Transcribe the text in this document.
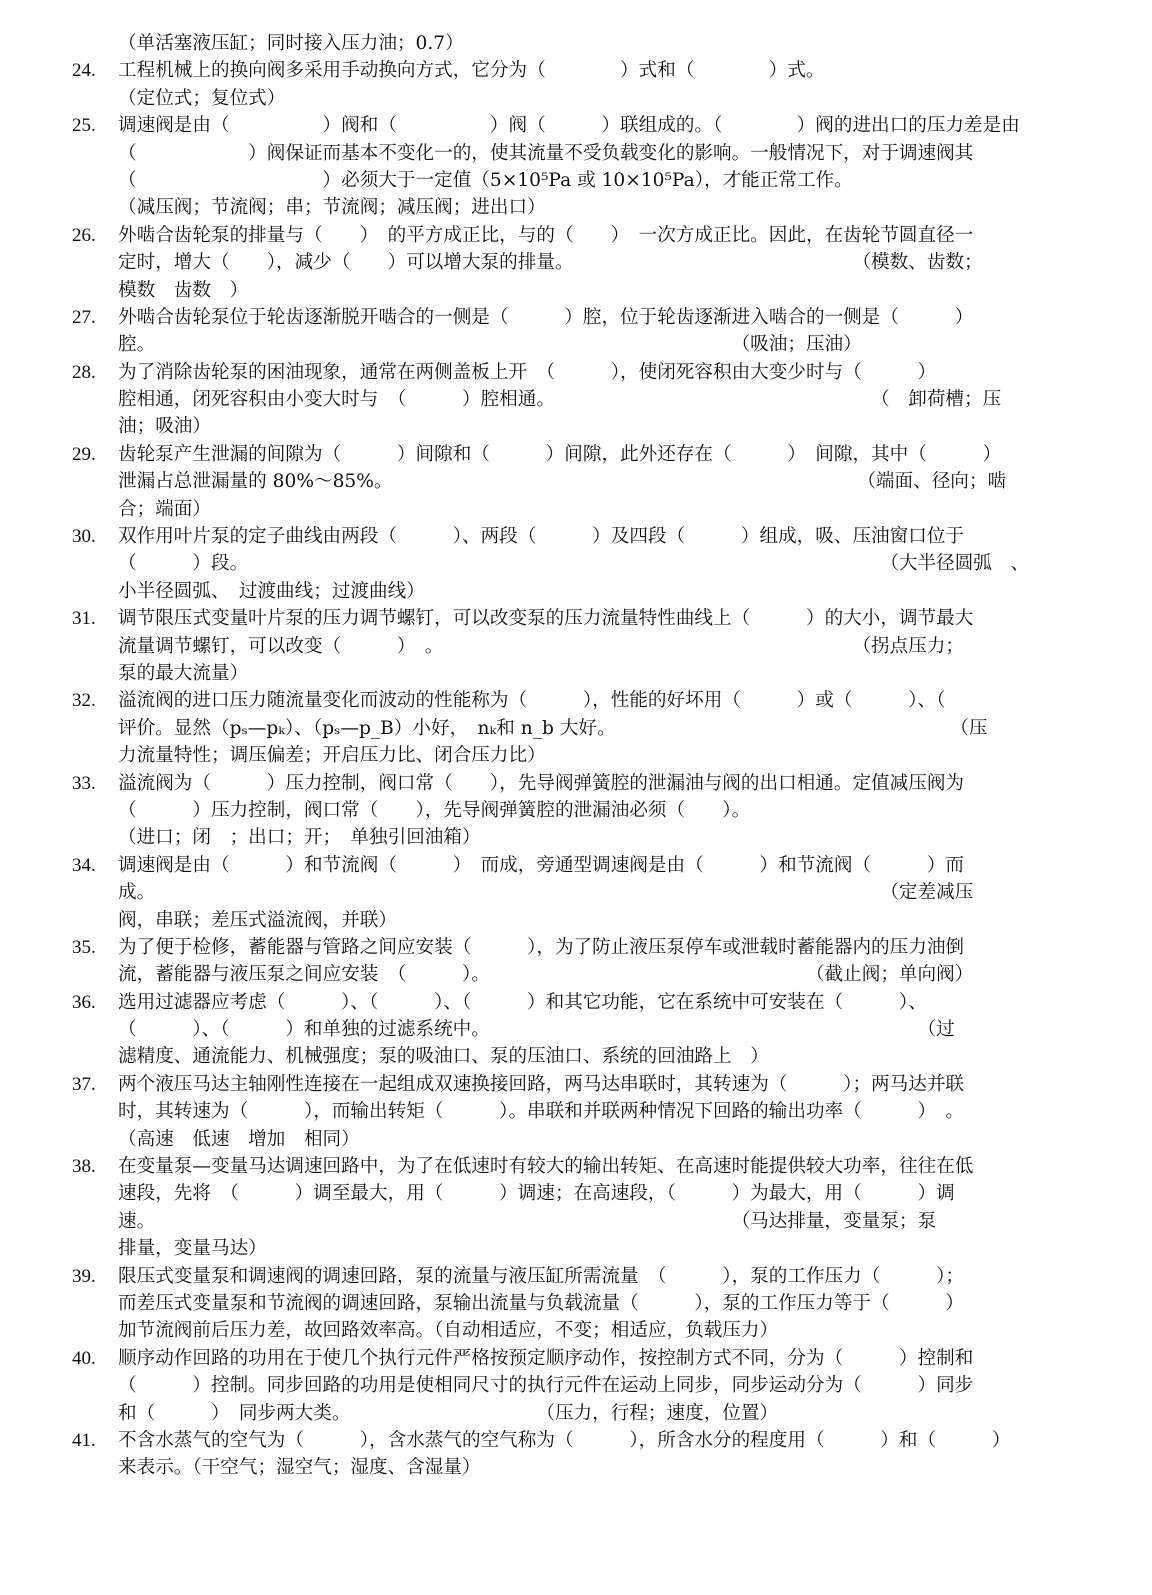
（单活塞液压缸；同时接入压力油；0.7）
24.	工程机械上的换向阀多采用手动换向方式，它分为（　　　　）式和（　　　　）式。
（定位式；复位式）
25.	调速阀是由（　　　　　）阀和（　　　　　）阀（　　　）联组成的。（　　　　）阀的进出口的压力差是由
（　　　　　　）阀保证而基本不变化一的，使其流量不受负载变化的影响。一般情况下，对于调速阀其
（　　　　　　　　　　）必须大于一定值（5×10⁵Pa 或 10×10⁵Pa），才能正常工作。
（减压阀；节流阀；串；节流阀；减压阀；进出口）
26.	外啮合齿轮泵的排量与（　　）　的平方成正比，与的（　　）　一次方成正比。因此，在齿轮节圆直径一
定时，增大（　　），减少（　　）可以增大泵的排量。　　　　　　　　　　　　　　　　（模数、齿数；
模数　齿数　）
27.	外啮合齿轮泵位于轮齿逐渐脱开啮合的一侧是（　　　）腔，位于轮齿逐渐进入啮合的一侧是（　　　）
腔。　　　　　　　　　　　　　　　　　　　　　　　　　　　　　　　　（吸油；压油）
28.	为了消除齿轮泵的困油现象，通常在两侧盖板上开　（　　　），使闭死容积由大变少时与（　　　）
腔相通，闭死容积由小变大时与　（　　　）腔相通。　　　　　　　　　　　　　　　　　　（　卸荷槽；压
油；吸油）
29.	齿轮泵产生泄漏的间隙为（　　　）间隙和（　　　）间隙，此外还存在（　　　）　间隙，其中（　　　）
泄漏占总泄漏量的 80%～85%。　　　　　　　　　　　　　　　　　　　　　　　　　　（端面、径向；啮
合；端面）
30.	双作用叶片泵的定子曲线由两段（　　　）、两段（　　　）及四段（　　　）组成，吸、压油窗口位于
（　　　）段。　　　　　　　　　　　　　　　　　　　　　　　　　　　　　　　　　　　（大半径圆弧　、
小半径圆弧、　过渡曲线；过渡曲线）
31.	调节限压式变量叶片泵的压力调节螺钉，可以改变泵的压力流量特性曲线上（　　　）的大小，调节最大
流量调节螺钉，可以改变（　　　）　。　　　　　　　　　　　　　　　　　　　　　　　（拐点压力；
泵的最大流量）
32.	溢流阀的进口压力随流量变化而波动的性能称为（　　　），性能的好坏用（　　　）或（　　　）、（
评价。显然（pₛ—pₖ）、（pₛ—p_B）小好，　nₖ和 n_b 大好。　　　　　　　　　　　　　　　　　　　（压
力流量特性；调压偏差；开启压力比、闭合压力比）
33.	溢流阀为（　　　）压力控制，阀口常（　　），先导阀弹簧腔的泄漏油与阀的出口相通。定值减压阀为
（　　　）压力控制，阀口常（　　），先导阀弹簧腔的泄漏油必须（　　）。
（进口；闭　；出口；开；　单独引回油箱）
34.	调速阀是由（　　　）和节流阀（　　　）　而成，旁通型调速阀是由（　　　）和节流阀（　　　）而
成。　　　　　　　　　　　　　　　　　　　　　　　　　　　　　　　　　　　　　　　　（定差减压
阀，串联；差压式溢流阀，并联）
35.	为了便于检修，蓄能器与管路之间应安装（　　　），为了防止液压泵停车或泄载时蓄能器内的压力油倒
流，蓄能器与液压泵之间应安装　（　　　）。　　　　　　　　　　　　　　　　　　（截止阀；单向阀）
36.	选用过滤器应考虑（　　　）、（　　　）、（　　　）和其它功能，它在系统中可安装在（　　　）、
（　　　）、（　　　）和单独的过滤系统中。　　　　　　　　　　　　　　　　　　　　　　　　（过
滤精度、通流能力、机械强度；泵的吸油口、泵的压油口、系统的回油路上　）
37.	两个液压马达主轴刚性连接在一起组成双速换接回路，两马达串联时，其转速为（　　　）；两马达并联
时，其转速为（　　　），而输出转矩（　　　）。串联和并联两种情况下回路的输出功率（　　　）　。
（高速　低速　增加　相同）
38.	在变量泵—变量马达调速回路中，为了在低速时有较大的输出转矩、在高速时能提供较大功率，往往在低
速段，先将　（　　　）调至最大，用（　　　）调速；在高速段，（　　　）为最大，用（　　　）调
速。　　　　　　　　　　　　　　　　　　　　　　　　　　　　　　　　（马达排量，变量泵；泵
排量，变量马达）
39.	限压式变量泵和调速阀的调速回路，泵的流量与液压缸所需流量　（　　　），泵的工作压力（　　　）；
而差压式变量泵和节流阀的调速回路，泵输出流量与负载流量（　　　），泵的工作压力等于（　　　）
加节流阀前后压力差，故回路效率高。（自动相适应，不变；相适应，负载压力）
40.	顺序动作回路的功用在于使几个执行元件严格按预定顺序动作，按控制方式不同，分为（　　　）控制和
（　　　）控制。同步回路的功用是使相同尺寸的执行元件在运动上同步，同步运动分为（　　　）同步
和（　　　）　同步两大类。　　　　　　　　　　　（压力，行程；速度，位置）
41.	不含水蒸气的空气为（　　　），含水蒸气的空气称为（　　　），所含水分的程度用（　　　）和（　　　）
来表示。（干空气；湿空气；湿度、含湿量）
